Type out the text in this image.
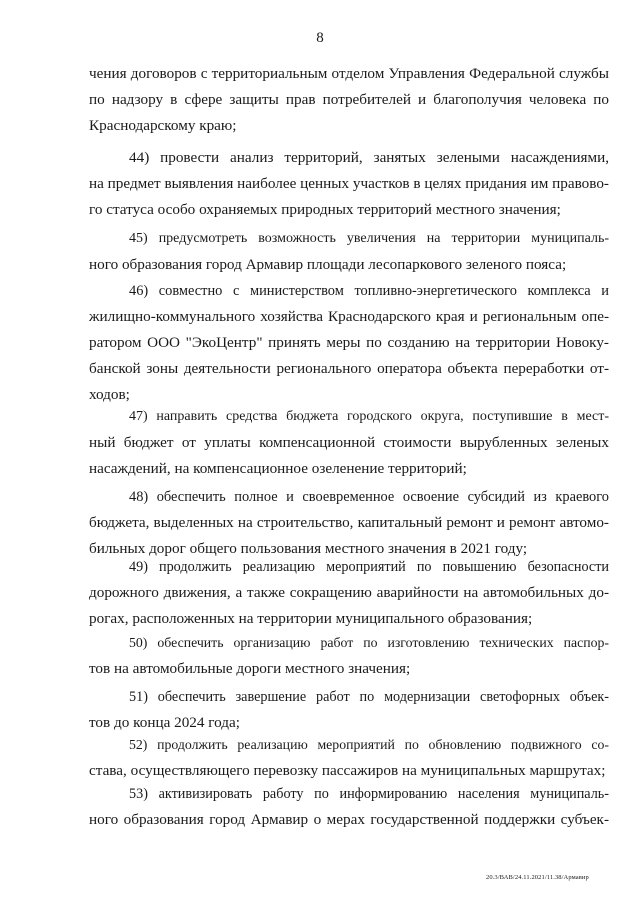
8

чения договоров с территориальным отделом Управления Федеральной службы
по надзору в сфере защиты прав потребителей и благополучия человека по
Краснодарскому краю;

44) провести анализ территорий, занятых зелеными насаждениями,
на предмет выявления наиболее ценных участков в целях придания им правово-
го статуса особо охраняемых природных территорий местного значения;

45) предусмотреть возможность увеличения на территории муниципаль-
ного образования город Армавир площади лесопаркового зеленого пояса;

46) совместно с министерством топливно-энергетического комплекса и
жилищно-коммунального хозяйства Краснодарского края и региональным опе-
ратором ООО "ЭкоЦентр" принять меры по созданию на территории Новоку-
банской зоны деятельности регионального оператора объекта переработки от-
ходов;

47) направить средства бюджета городского округа, поступившие в мест-
ный бюджет от уплаты компенсационной стоимости вырубленных зеленых
насаждений, на компенсационное озеленение территорий;

48) обеспечить полное и своевременное освоение субсидий из краевого
бюджета, выделенных на строительство, капитальный ремонт и ремонт автомо-
бильных дорог общего пользования местного значения в 2021 году;

49) продолжить реализацию мероприятий по повышению безопасности
дорожного движения, а также сокращению аварийности на автомобильных до-
рогах, расположенных на территории муниципального образования;

50) обеспечить организацию работ по изготовлению технических паспор-
тов на автомобильные дороги местного значения;

51) обеспечить завершение работ по модернизации светофорных объек-
тов до конца 2024 года;

52) продолжить реализацию мероприятий по обновлению подвижного со-
става, осуществляющего перевозку пассажиров на муниципальных маршрутах;

53) активизировать работу по информированию населения муниципаль-
ного образования город Армавир о мерах государственной поддержки субъек-

20.3/ВАВ/24.11.2021/11.38/Армавир
